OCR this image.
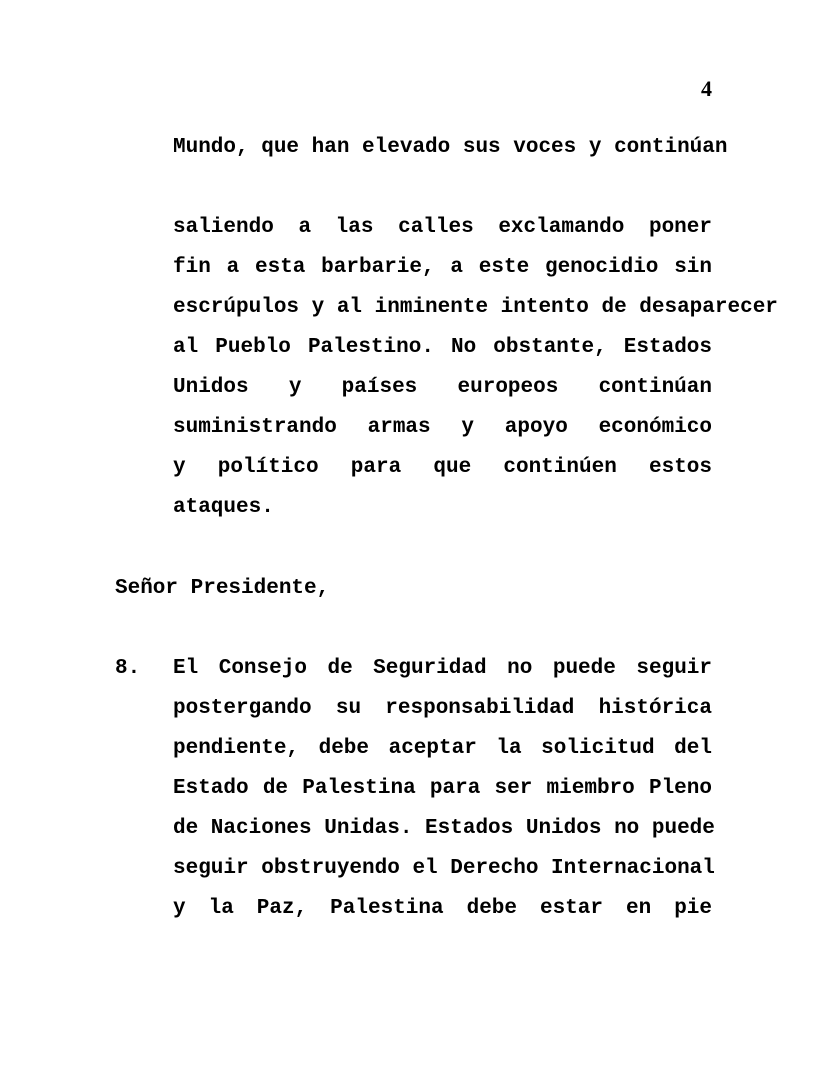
4
Mundo, que han elevado sus voces y continúan
saliendo a las calles exclamando poner
fin a esta barbarie, a este genocidio sin
escrúpulos y al inminente intento de desaparecer
al Pueblo Palestino. No obstante, Estados
Unidos y países europeos continúan
suministrando armas y apoyo económico
y político para que continúen estos
ataques.
Señor Presidente,
8. El Consejo de Seguridad no puede seguir
postergando su responsabilidad histórica
pendiente, debe aceptar la solicitud del
Estado de Palestina para ser miembro Pleno
de Naciones Unidas. Estados Unidos no puede
seguir obstruyendo el Derecho Internacional
y la Paz, Palestina debe estar en pie
